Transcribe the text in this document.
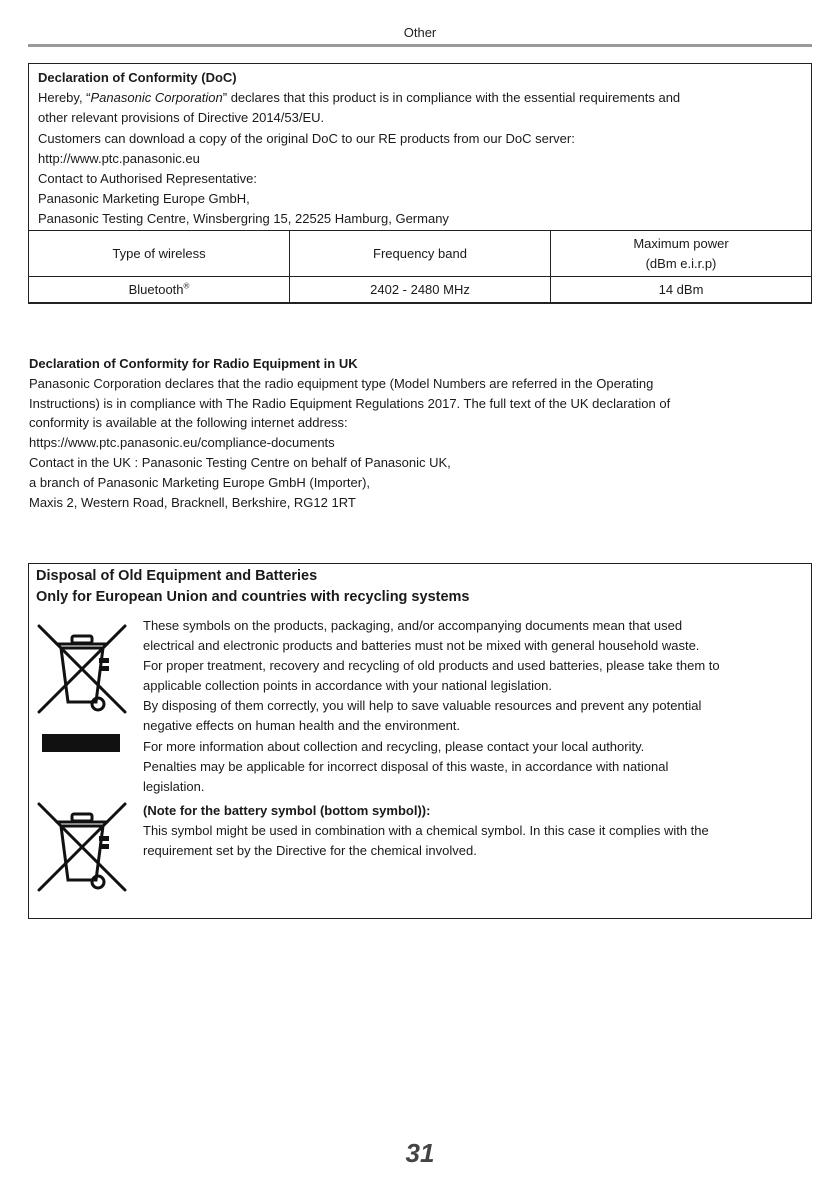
Other
Declaration of Conformity (DoC)
Hereby, “Panasonic Corporation” declares that this product is in compliance with the essential requirements and
other relevant provisions of Directive 2014/53/EU.
Customers can download a copy of the original DoC to our RE products from our DoC server:
http://www.ptc.panasonic.eu
Contact to Authorised Representative:
Panasonic Marketing Europe GmbH,
Panasonic Testing Centre, Winsbergring 15, 22525 Hamburg, Germany
Type of wireless	Frequency band	Maximum power
(dBm e.i.r.p)
Bluetooth®	2402 - 2480 MHz	14 dBm
Declaration of Conformity for Radio Equipment in UK
Panasonic Corporation declares that the radio equipment type (Model Numbers are referred in the Operating
Instructions) is in compliance with The Radio Equipment Regulations 2017. The full text of the UK declaration of
conformity is available at the following internet address:
https://www.ptc.panasonic.eu/compliance-documents
Contact in the UK : Panasonic Testing Centre on behalf of Panasonic UK,
a branch of Panasonic Marketing Europe GmbH (Importer),
Maxis 2, Western Road, Bracknell, Berkshire, RG12 1RT
Disposal of Old Equipment and Batteries
Only for European Union and countries with recycling systems
These symbols on the products, packaging, and/or accompanying documents mean that used
electrical and electronic products and batteries must not be mixed with general household waste.
For proper treatment, recovery and recycling of old products and used batteries, please take them to
applicable collection points in accordance with your national legislation.
By disposing of them correctly, you will help to save valuable resources and prevent any potential
negative effects on human health and the environment.
For more information about collection and recycling, please contact your local authority.
Penalties may be applicable for incorrect disposal of this waste, in accordance with national
legislation.
(Note for the battery symbol (bottom symbol)):
This symbol might be used in combination with a chemical symbol. In this case it complies with the
requirement set by the Directive for the chemical involved.
31
